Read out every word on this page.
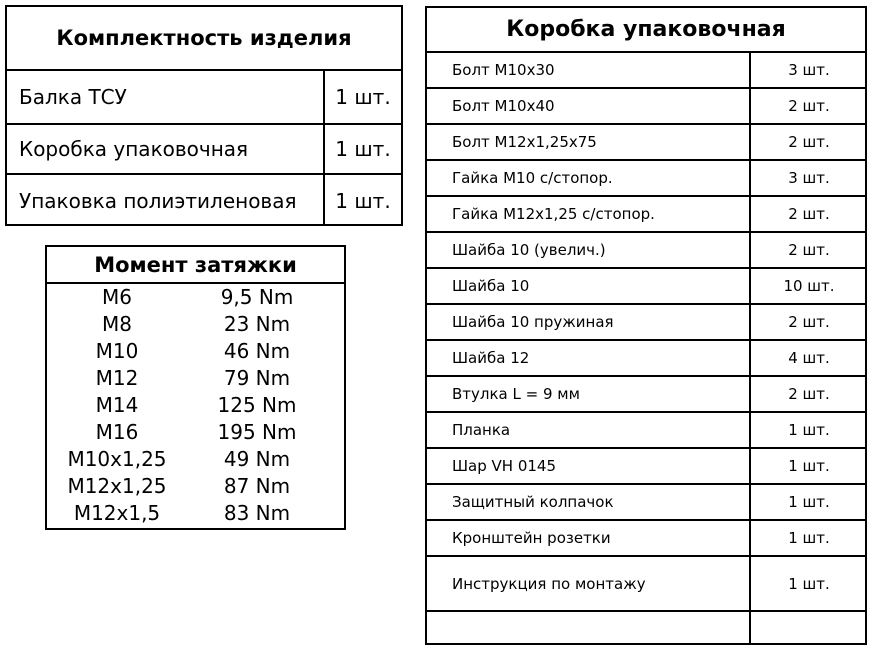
Комплектность изделия
Балка ТСУ	1 шт.
Коробка упаковочная	1 шт.
Упаковка полиэтиленовая	1 шт.
Момент затяжки
М6	9,5 Nm
М8	23 Nm
М10	46 Nm
М12	79 Nm
М14	125 Nm
М16	195 Nm
М10х1,25	49 Nm
М12х1,25	87 Nm
М12х1,5	83 Nm
Коробка упаковочная
Болт М10х30	3 шт.
Болт М10х40	2 шт.
Болт М12х1,25х75	2 шт.
Гайка М10 с/стопор.	3 шт.
Гайка М12х1,25 с/стопор.	2 шт.
Шайба 10 (увелич.)	2 шт.
Шайба 10	10 шт.
Шайба 10 пружиная	2 шт.
Шайба 12	4 шт.
Втулка L = 9 мм	2 шт.
Планка	1 шт.
Шар VH 0145	1 шт.
Защитный колпачок	1 шт.
Кронштейн розетки	1 шт.
Инструкция по монтажу	1 шт.
